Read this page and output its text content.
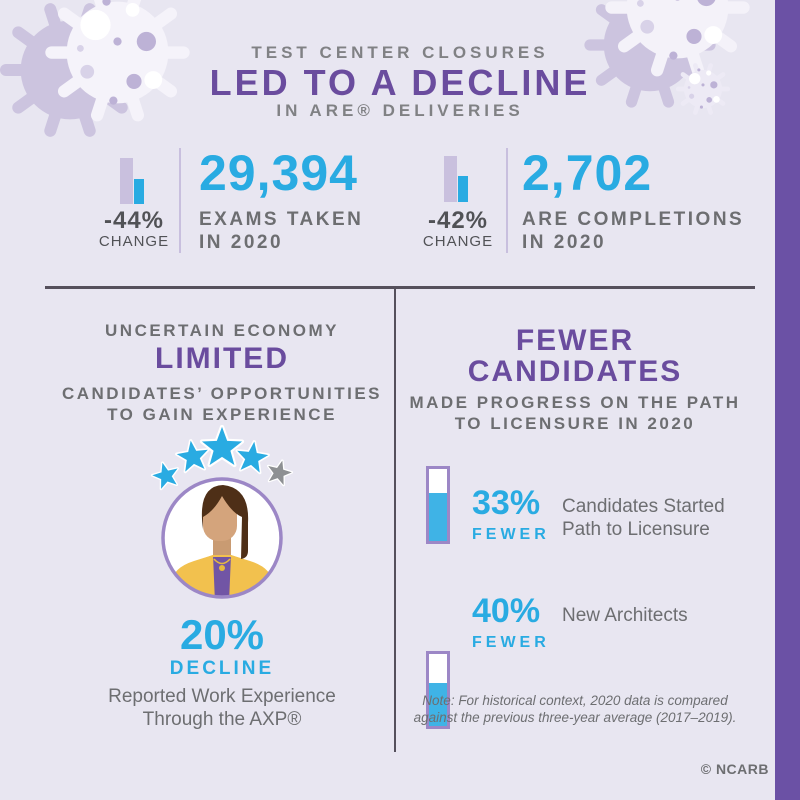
TEST CENTER CLOSURES
LED TO A DECLINE
IN ARE® DELIVERIES
-44%
CHANGE
29,394
EXAMS TAKEN
IN 2020
-42%
CHANGE
2,702
ARE COMPLETIONS
IN 2020
UNCERTAIN ECONOMY
LIMITED
CANDIDATES’ OPPORTUNITIES
TO GAIN EXPERIENCE
20%
DECLINE
Reported Work Experience
Through the AXP®
FEWER
CANDIDATES
MADE PROGRESS ON THE PATH
TO LICENSURE IN 2020
33%
FEWER
Candidates Started
Path to Licensure
40%
FEWER
New Architects
Note: For historical context, 2020 data is compared
against the previous three-year average (2017–2019).
© NCARB
